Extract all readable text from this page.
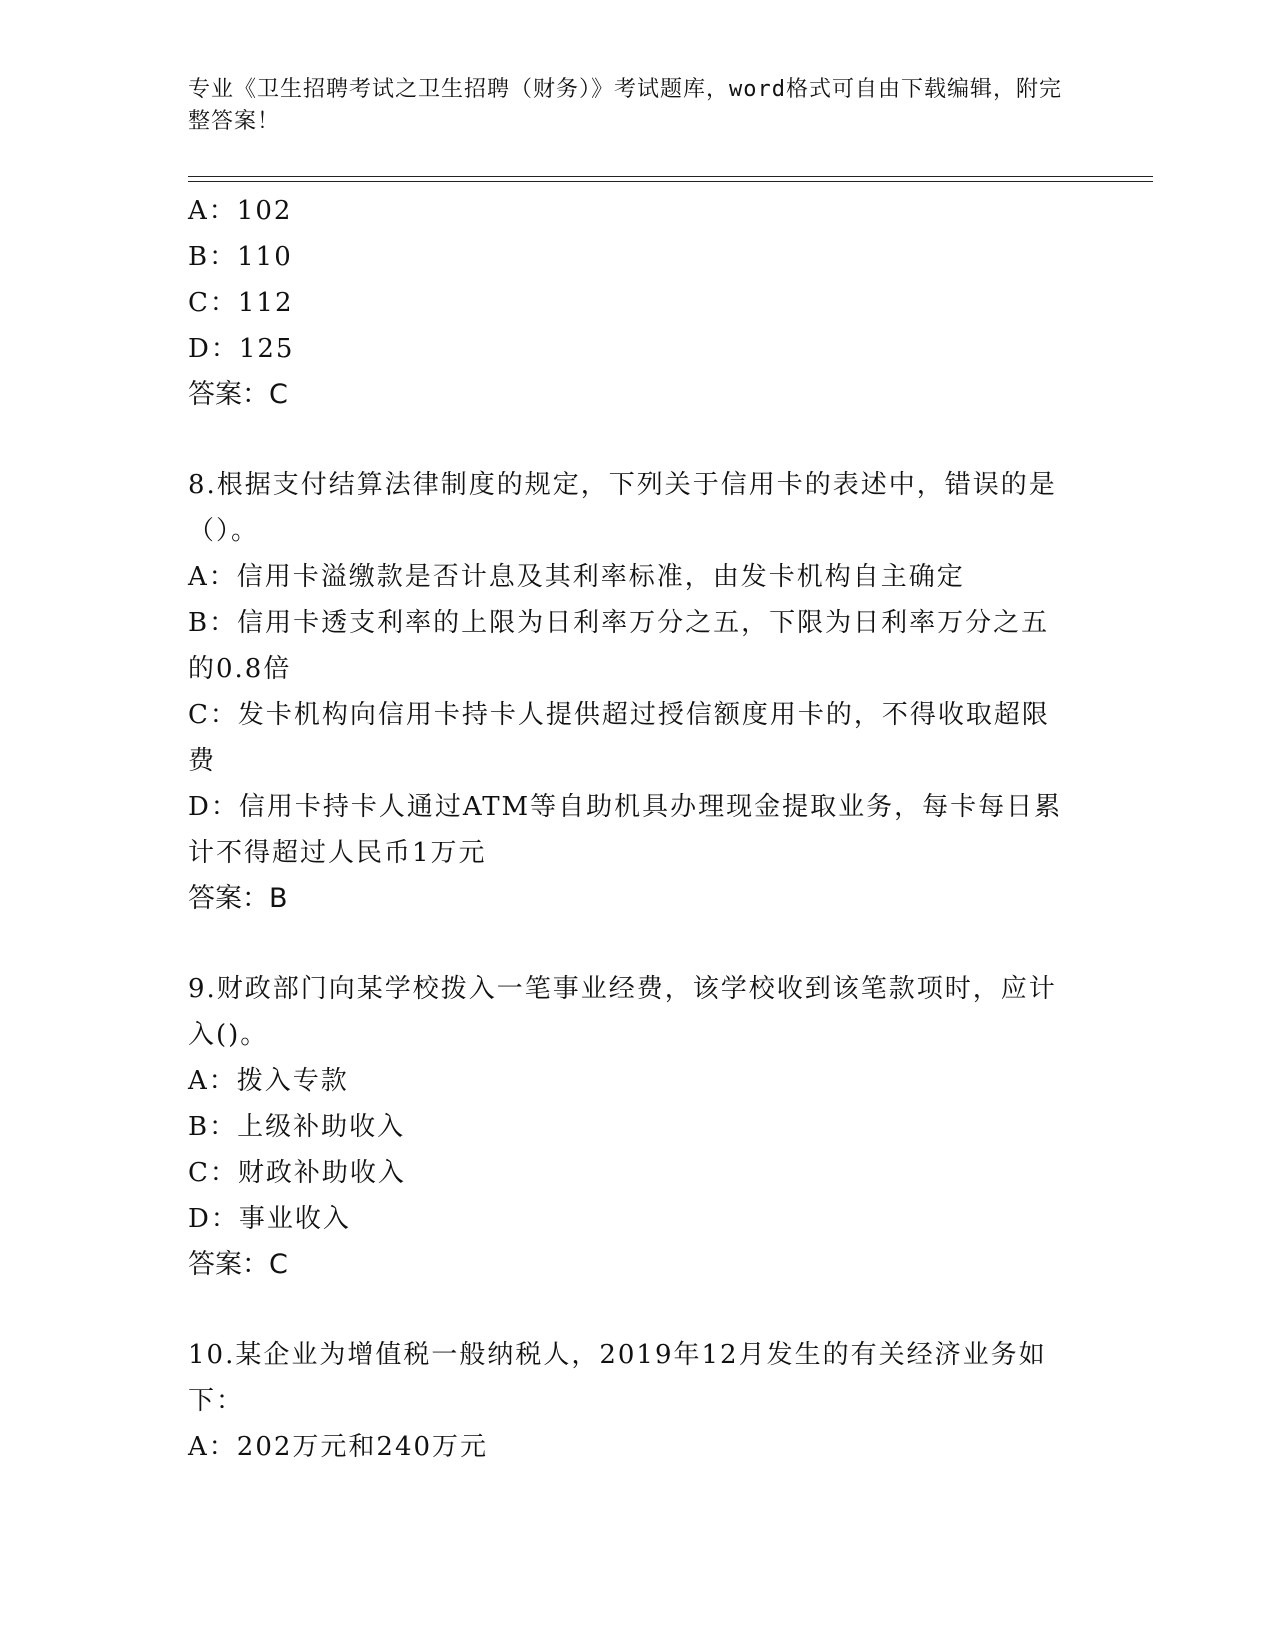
专业《卫生招聘考试之卫生招聘（财务）》考试题库，word格式可自由下载编辑，附完整答案！

A：102

B：110

C：112

D：125

答案：C

8.根据支付结算法律制度的规定，下列关于信用卡的表述中，错误的是（）。

A：信用卡溢缴款是否计息及其利率标准，由发卡机构自主确定

B：信用卡透支利率的上限为日利率万分之五，下限为日利率万分之五的0.8倍

C：发卡机构向信用卡持卡人提供超过授信额度用卡的，不得收取超限费

D：信用卡持卡人通过ATM等自助机具办理现金提取业务，每卡每日累计不得超过人民币1万元

答案：B

9.财政部门向某学校拨入一笔事业经费，该学校收到该笔款项时，应计入()。

A：拨入专款

B：上级补助收入

C：财政补助收入

D：事业收入

答案：C

10.某企业为增值税一般纳税人，2019年12月发生的有关经济业务如下：

A：202万元和240万元
